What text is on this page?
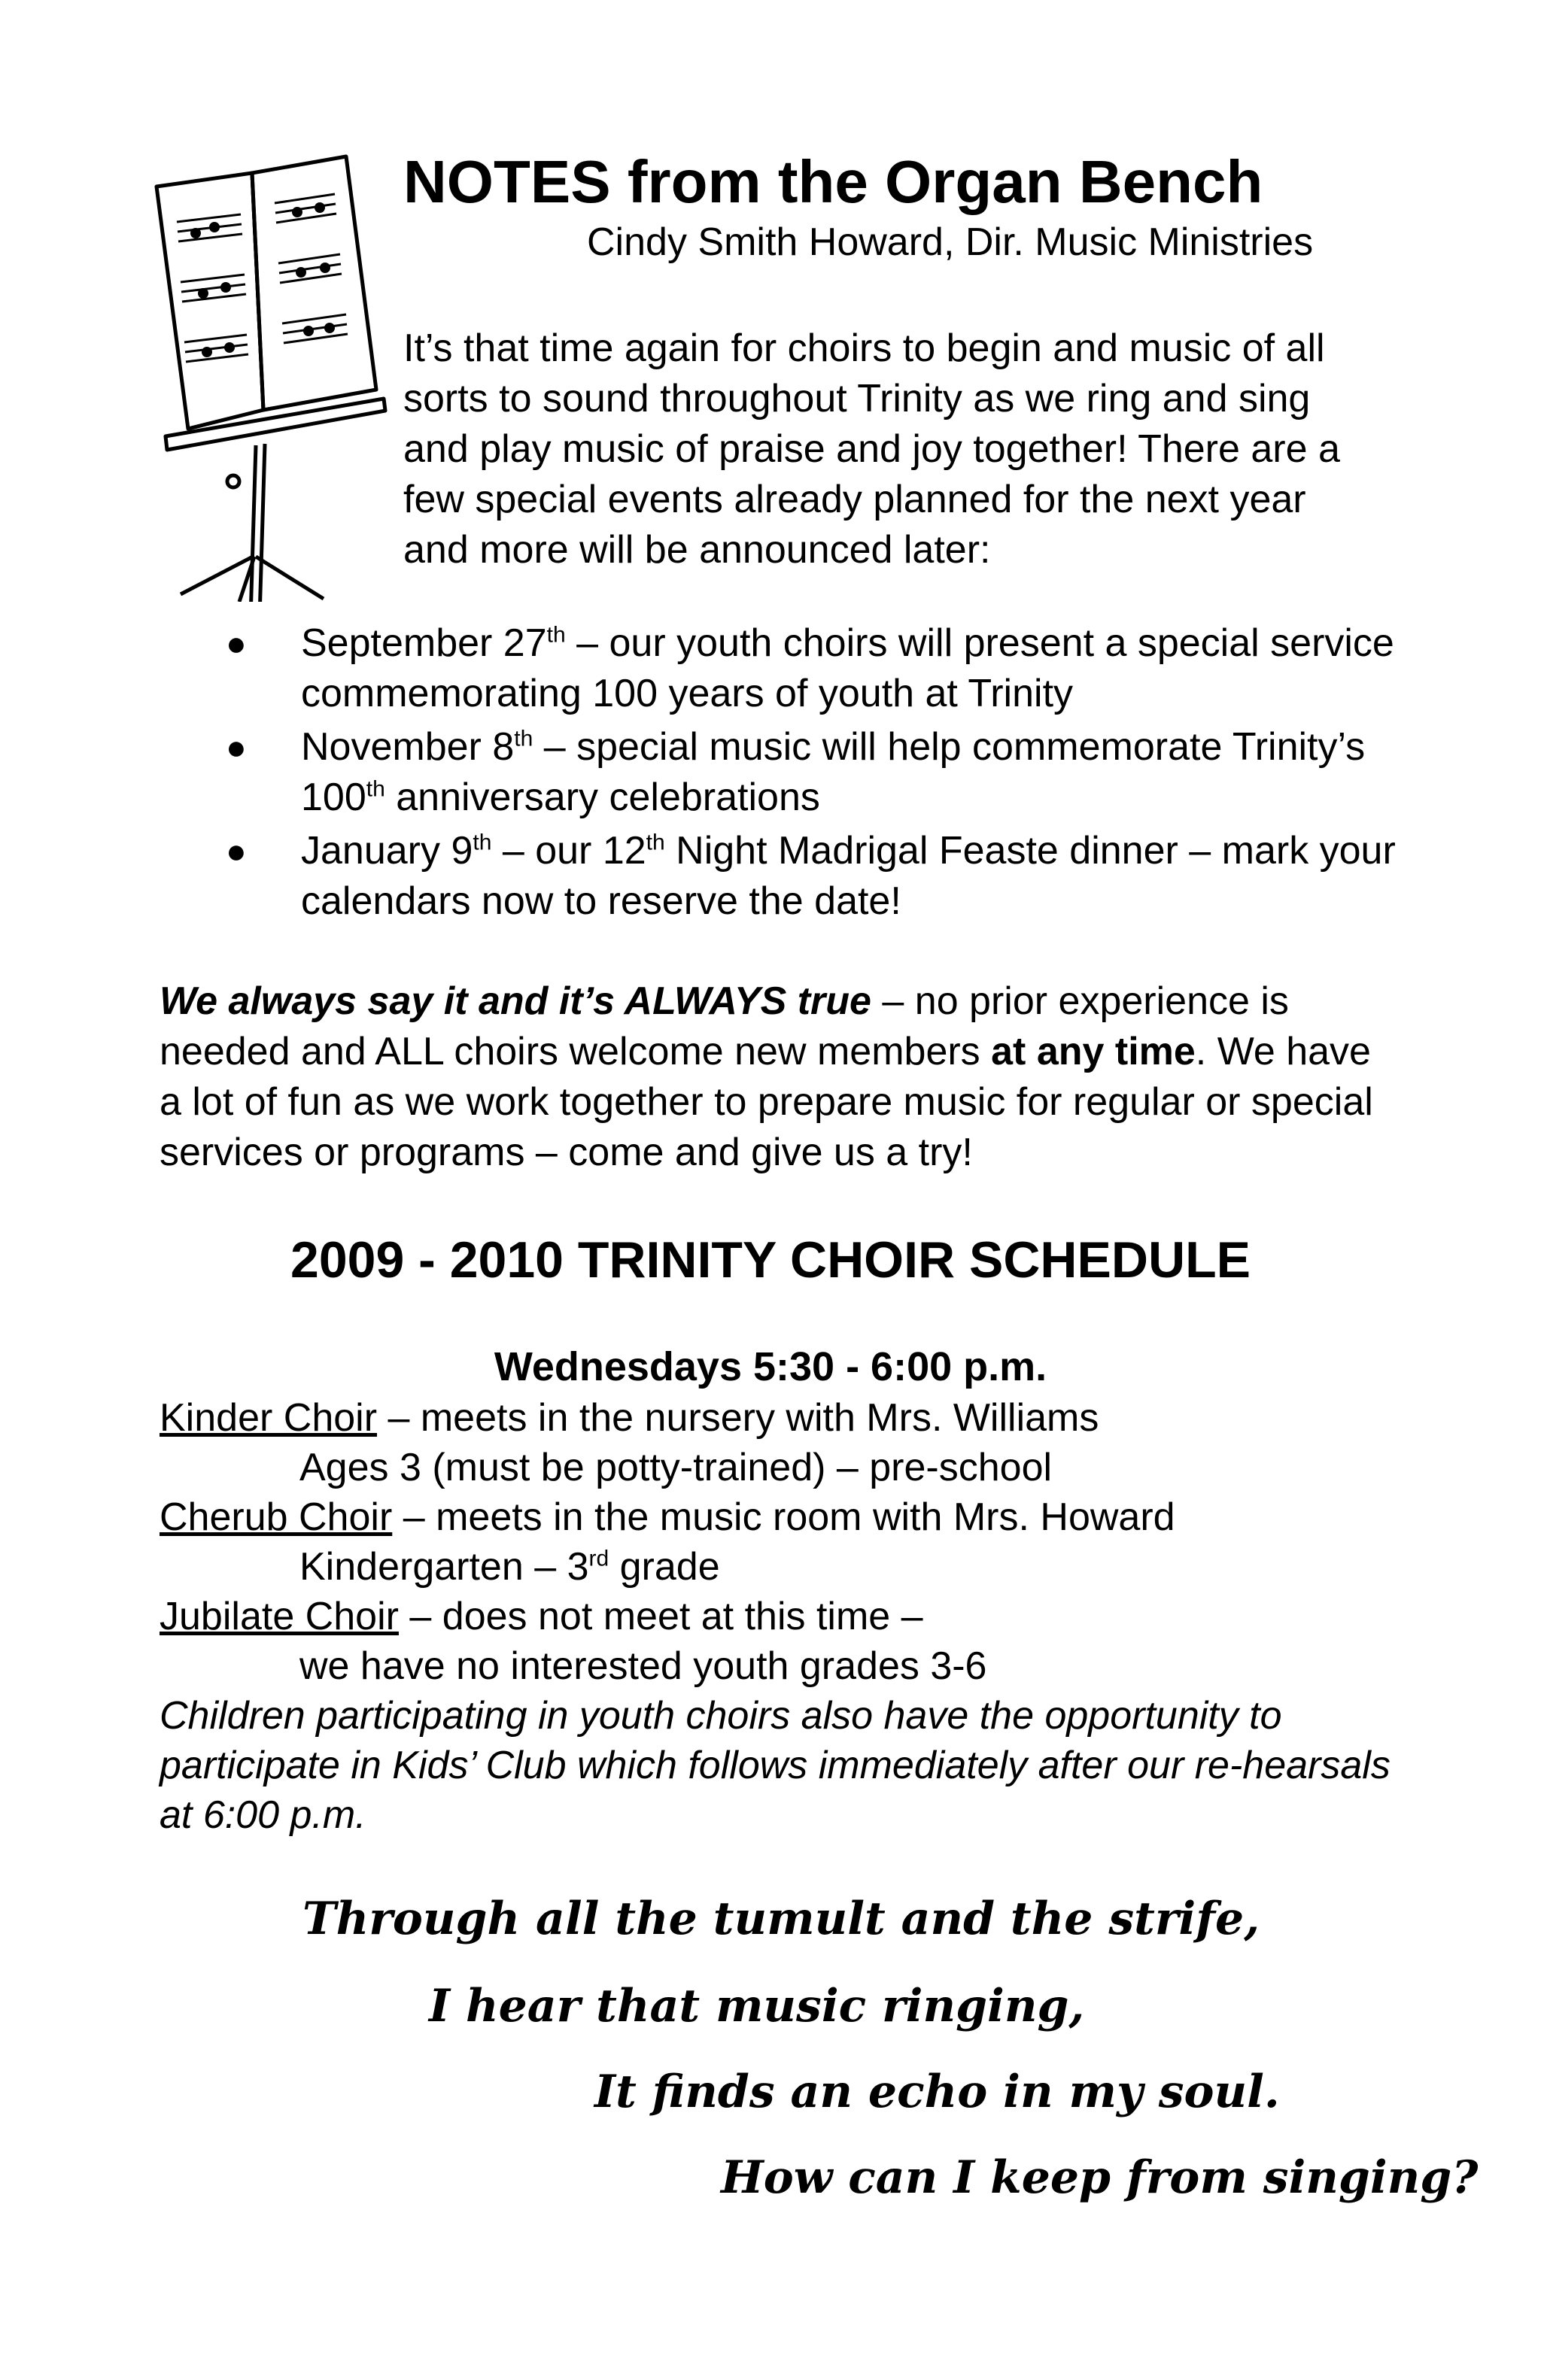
NOTES from the Organ Bench
Cindy Smith Howard, Dir. Music Ministries

It’s that time again for choirs to begin and music of all sorts to sound throughout Trinity as we ring and sing and play music of praise and joy together! There are a few special events already planned for the next year and more will be announced later:

● September 27th – our youth choirs will present a special service commemorating 100 years of youth at Trinity
● November 8th – special music will help commemorate Trinity’s 100th anniversary celebrations
● January 9th – our 12th Night Madrigal Feaste dinner – mark your calendars now to reserve the date!
We always say it and it’s ALWAYS true – no prior experience is needed and ALL choirs welcome new members at any time. We have a lot of fun as we work together to prepare music for regular or special services or programs – come and give us a try!
2009 - 2010 TRINITY CHOIR SCHEDULE
Wednesdays 5:30 - 6:00 p.m.
Kinder Choir – meets in the nursery with Mrs. Williams
Ages 3 (must be potty-trained) – pre-school
Cherub Choir – meets in the music room with Mrs. Howard
Kindergarten – 3rd grade
Jubilate Choir – does not meet at this time –
we have no interested youth grades 3-6
Children participating in youth choirs also have the opportunity to participate in Kids’ Club which follows immediately after our re-hearsals at 6:00 p.m.
Through all the tumult and the strife,
I hear that music ringing,
It finds an echo in my soul.
How can I keep from singing?
